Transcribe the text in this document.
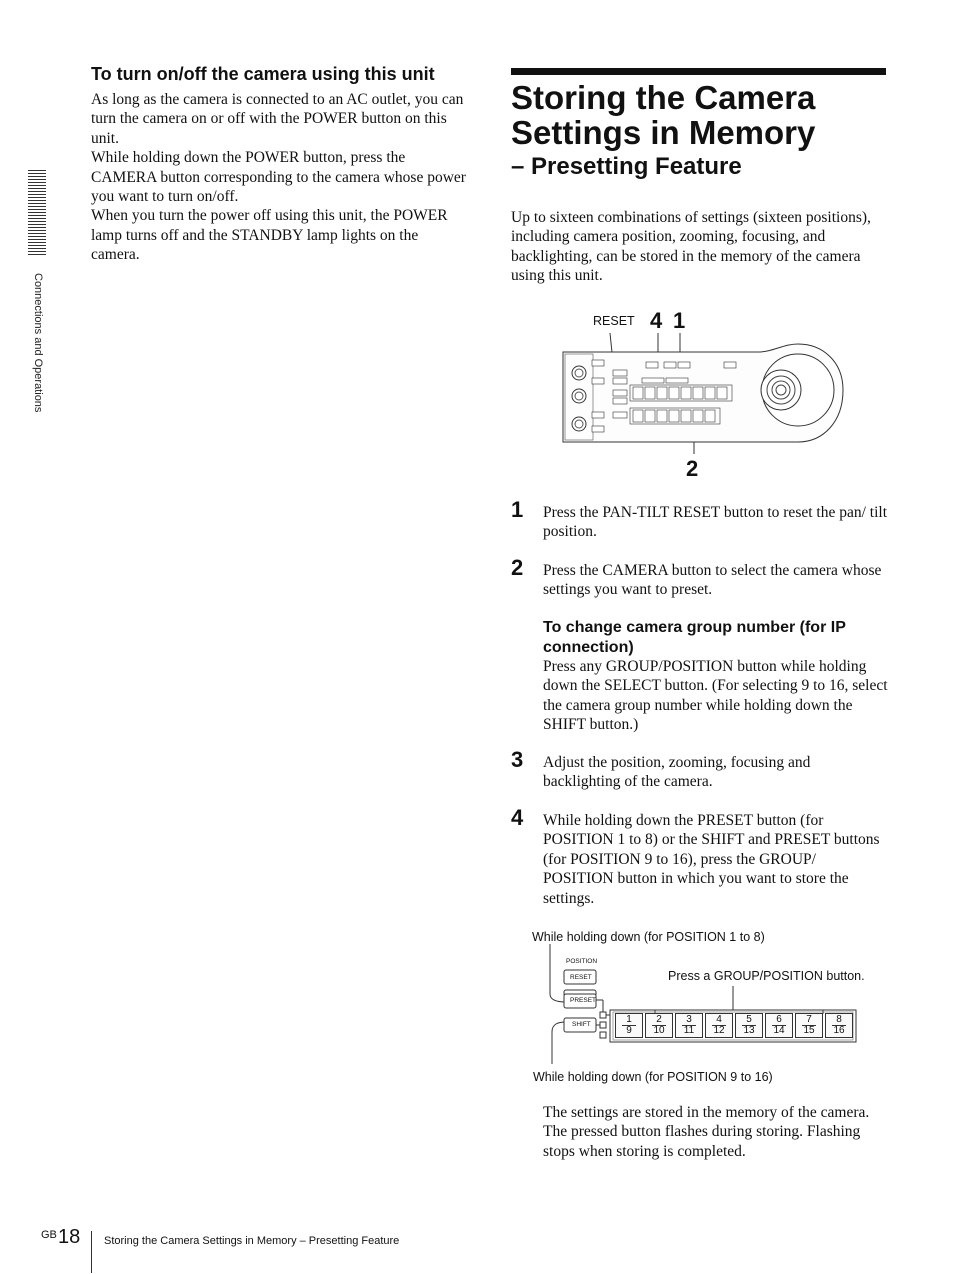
Connections and Operations
To turn on/off the camera using this unit

As long as the camera is connected to an AC outlet, you can turn the camera on or off with the POWER button on this unit.

While holding down the POWER button, press the CAMERA button corresponding to the camera whose power you want to turn on/off.

When you turn the power off using this unit, the POWER lamp turns off and the STANDBY lamp lights on the camera.

Storing the Camera
Settings in Memory
– Presetting Feature
Up to sixteen combinations of settings (sixteen positions), including camera position, zooming, focusing, and backlighting, can be stored in the memory of the camera using this unit.
RESET 4 1
2
1 Press the PAN-TILT RESET button to reset the pan/ tilt position.
2 Press the CAMERA button to select the camera whose settings you want to preset.
To change camera group number (for IP connection)
Press any GROUP/POSITION button while holding down the SELECT button. (For selecting 9 to 16, select the camera group number while holding down the SHIFT button.)
3 Adjust the position, zooming, focusing and backlighting of the camera.
4 While holding down the PRESET button (for POSITION 1 to 8) or the SHIFT and PRESET buttons (for POSITION 9 to 16), press the GROUP/ POSITION button in which you want to store the settings.
While holding down (for POSITION 1 to 8)
Press a GROUP/POSITION button.
While holding down (for POSITION 9 to 16)
POSITION
RESET
PRESET
SHIFT	1
9
2
10
3
11
4
12
5
13
6
14
7
15
8
16
The settings are stored in the memory of the camera.
The pressed button flashes during storing. Flashing stops when storing is completed.
GB 18 Storing the Camera Settings in Memory – Presetting Feature
